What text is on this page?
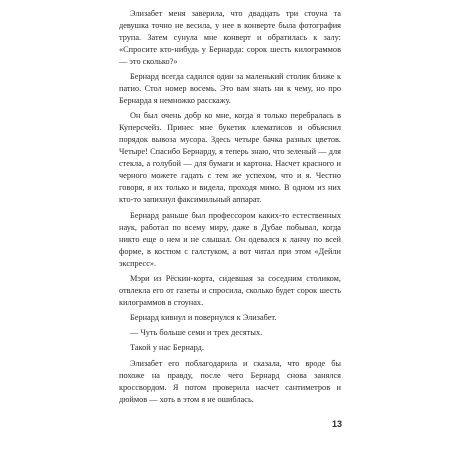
Элизабет меня заверила, что двадцать три стоуна та девушка точно не весила, у нее в конверте была фотография трупа. Затем сунула мне конверт и обратилась к залу: «Спросите кто-нибудь у Бернарда: сорок шесть килограммов — это сколько?»

Бернард всегда садился один за маленький столик ближе к патио. Стол номер восемь. Это вам знать ни к чему, но про Бернарда я немножко расскажу.

Он был очень добр ко мне, когда я только перебралась в Куперсчейз. Принес мне букетик клематисов и объяснил порядок вывоза мусора. Здесь четыре бачка разных цветов. Четыре! Спасибо Бернарду, я теперь знаю, что зеленый — для стекла, а голубой — для бумаги и картона. Насчет красного и черного можете гадать с тем же успехом, что и я. Честно говоря, я их только и видела, проходя мимо. В одном из них кто-то запихнул факсимильный аппарат.

Бернард раньше был профессором каких-то естественных наук, работал по всему миру, даже в Дубае побывал, когда никто еще о нем и не слышал. Он одевался к ланчу по всей форме, в костюм с галстуком, а вот читал при этом «Дейли экспресс».

Мэри из Рёскин-корта, сидевшая за соседним столиком, отвлекла его от газеты и спросила, сколько будет сорок шесть килограммов в стоунах.

Бернард кивнул и повернулся к Элизабет.

— Чуть больше семи и трех десятых.

Такой у нас Бернард.

Элизабет его поблагодарила и сказала, что вроде бы похоже на правду, после чего Бернард снова занялся кроссвордом. Я потом проверила насчет сантиметров и дюймов — хоть в этом я не ошиблась.

13
